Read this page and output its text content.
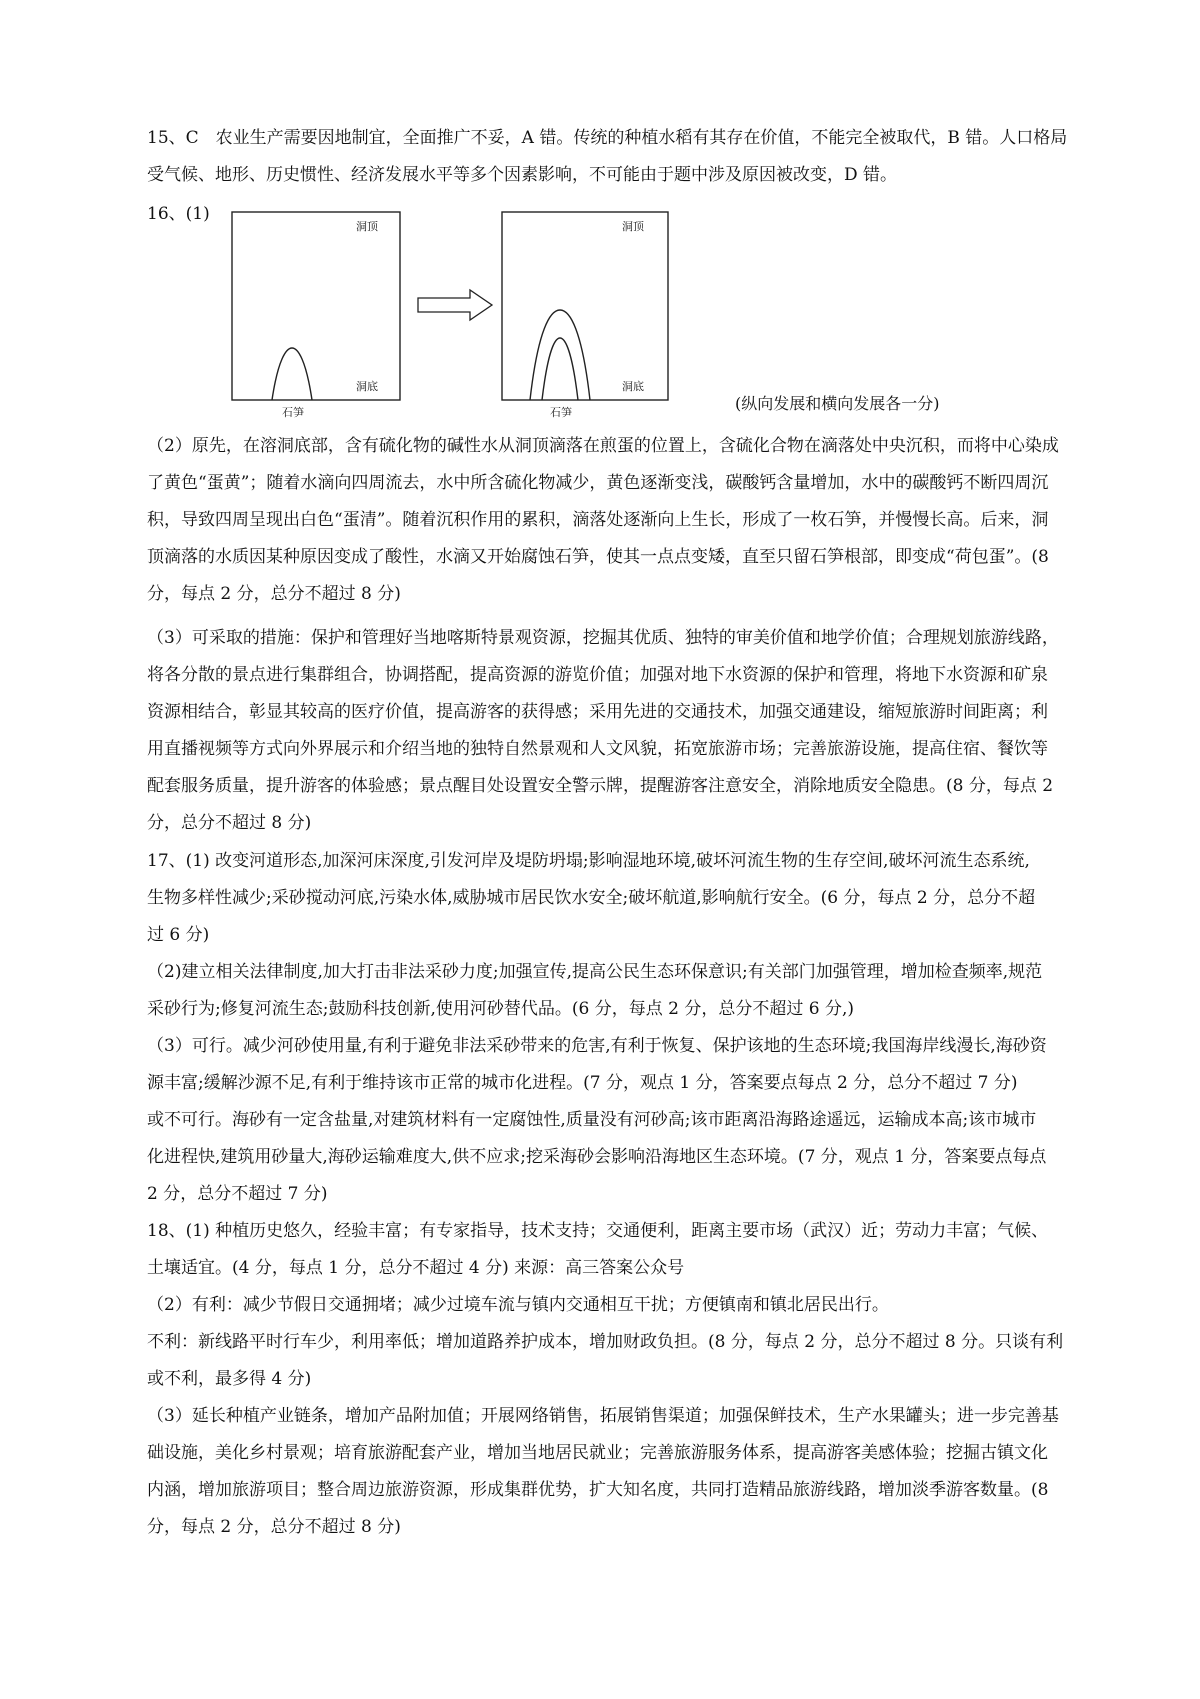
15、C　农业生产需要因地制宜，全面推广不妥，A 错。传统的种植水稻有其存在价值，不能完全被取代，B 错。人口格局
受气候、地形、历史惯性、经济发展水平等多个因素影响，不可能由于题中涉及原因被改变，D 错。
16、(1)
洞顶
洞底
石笋
洞顶
洞底
石笋	(纵向发展和横向发展各一分)
（2）原先，在溶洞底部，含有硫化物的碱性水从洞顶滴落在煎蛋的位置上，含硫化合物在滴落处中央沉积，而将中心染成
了黄色“蛋黄”；随着水滴向四周流去，水中所含硫化物减少，黄色逐渐变浅，碳酸钙含量增加，水中的碳酸钙不断四周沉
积，导致四周呈现出白色“蛋清”。随着沉积作用的累积，滴落处逐渐向上生长，形成了一枚石笋，并慢慢长高。后来，洞
顶滴落的水质因某种原因变成了酸性，水滴又开始腐蚀石笋，使其一点点变矮，直至只留石笋根部，即变成“荷包蛋”。(8
分，每点 2 分，总分不超过 8 分)
（3）可采取的措施：保护和管理好当地喀斯特景观资源，挖掘其优质、独特的审美价值和地学价值；合理规划旅游线路，
将各分散的景点进行集群组合，协调搭配，提高资源的游览价值；加强对地下水资源的保护和管理，将地下水资源和矿泉
资源相结合，彰显其较高的医疗价值，提高游客的获得感；采用先进的交通技术，加强交通建设，缩短旅游时间距离；利
用直播视频等方式向外界展示和介绍当地的独特自然景观和人文风貌，拓宽旅游市场；完善旅游设施，提高住宿、餐饮等
配套服务质量，提升游客的体验感；景点醒目处设置安全警示牌，提醒游客注意安全，消除地质安全隐患。(8 分，每点 2
分，总分不超过 8 分)
17、(1) 改变河道形态,加深河床深度,引发河岸及堤防坍塌;影响湿地环境,破坏河流生物的生存空间,破坏河流生态系统,
生物多样性减少;采砂搅动河底,污染水体,威胁城市居民饮水安全;破坏航道,影响航行安全。(6 分，每点 2 分，总分不超
过 6 分)
（2)建立相关法律制度,加大打击非法采砂力度;加强宣传,提高公民生态环保意识;有关部门加强管理，增加检查频率,规范
采砂行为;修复河流生态;鼓励科技创新,使用河砂替代品。(6 分，每点 2 分，总分不超过 6 分,)
（3）可行。减少河砂使用量,有利于避免非法采砂带来的危害,有利于恢复、保护该地的生态环境;我国海岸线漫长,海砂资
源丰富;缓解沙源不足,有利于维持该市正常的城市化进程。(7 分，观点 1 分，答案要点每点 2 分，总分不超过 7 分)
或不可行。海砂有一定含盐量,对建筑材料有一定腐蚀性,质量没有河砂高;该市距离沿海路途遥远，运输成本高;该市城市
化进程快,建筑用砂量大,海砂运输难度大,供不应求;挖采海砂会影响沿海地区生态环境。(7 分，观点 1 分，答案要点每点
2 分，总分不超过 7 分)
18、(1) 种植历史悠久，经验丰富；有专家指导，技术支持；交通便利，距离主要市场（武汉）近；劳动力丰富；气候、
土壤适宜。(4 分，每点 1 分，总分不超过 4 分) 来源：高三答案公众号
（2）有利：减少节假日交通拥堵；减少过境车流与镇内交通相互干扰；方便镇南和镇北居民出行。
不利：新线路平时行车少，利用率低；增加道路养护成本，增加财政负担。(8 分，每点 2 分，总分不超过 8 分。只谈有利
或不利，最多得 4 分)
（3）延长种植产业链条，增加产品附加值；开展网络销售，拓展销售渠道；加强保鲜技术，生产水果罐头；进一步完善基
础设施，美化乡村景观；培育旅游配套产业，增加当地居民就业；完善旅游服务体系，提高游客美感体验；挖掘古镇文化
内涵，增加旅游项目；整合周边旅游资源，形成集群优势，扩大知名度，共同打造精品旅游线路，增加淡季游客数量。(8
分，每点 2 分，总分不超过 8 分)
